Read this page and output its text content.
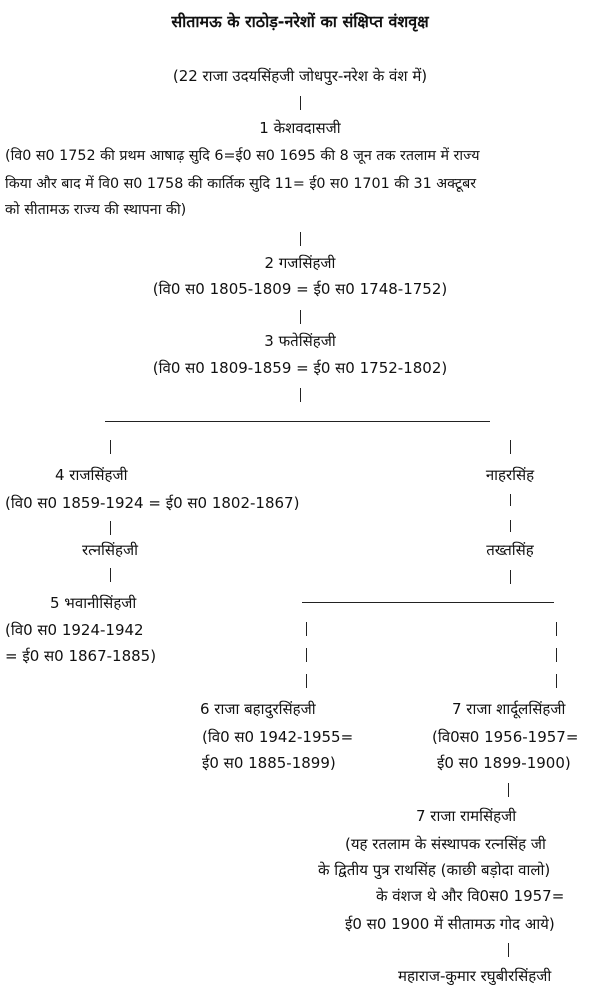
सीतामऊ के राठोड़-नरेशों का संक्षिप्त वंशवृक्ष
(22 राजा उदयसिंहजी जोधपुर-नरेश के वंश में)
1 केशवदासजी
(वि0 स0 1752 की प्रथम आषाढ़ सुदि 6=ई0 स0 1695 की 8 जून तक रतलाम में राज्य
किया और बाद में वि0 स0 1758 की कार्तिक सुदि 11= ई0 स0 1701 की 31 अक्टूबर
को सीतामऊ राज्य की स्थापना की)
2 गजसिंहजी
(वि0 स0 1805-1809 = ई0 स0 1748-1752)
3 फतेसिंहजी
(वि0 स0 1809-1859 = ई0 स0 1752-1802)
4 राजसिंहजी
(वि0 स0 1859-1924 = ई0 स0 1802-1867)
नाहरसिंह
रत्नसिंहजी	तख्तसिंह
5 भवानीसिंहजी
(वि0 स0 1924-1942
= ई0 स0 1867-1885)
6 राजा बहादुरसिंहजी
(वि0 स0 1942-1955=
ई0 स0 1885-1899)
7 राजा शार्दूलसिंहजी
(वि0स0 1956-1957=
ई0 स0 1899-1900)
7 राजा रामसिंहजी
(यह रतलाम के संस्थापक रत्नसिंह जी
के द्वितीय पुत्र राथसिंह (काछी बड़ोदा वालो)
के वंशज थे और वि0स0 1957=
ई0 स0 1900 में सीतामऊ गोद आये)
महाराज-कुमार रघुबीरसिंहजी
